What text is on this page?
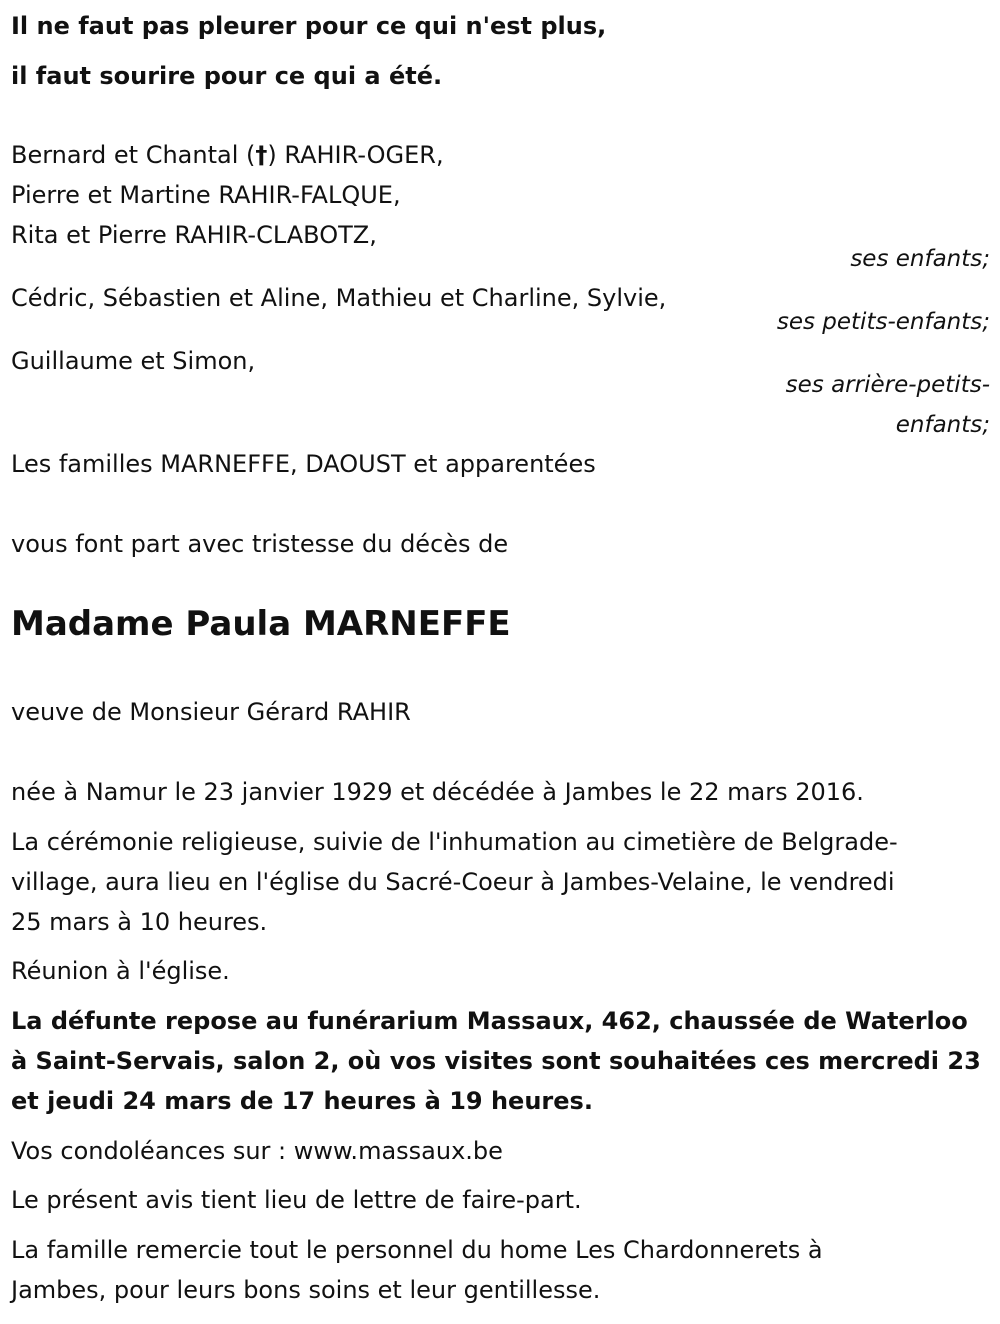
Il ne faut pas pleurer pour ce qui n'est plus,
il faut sourire pour ce qui a été.
Bernard et Chantal (†) RAHIR-OGER,
Pierre et Martine RAHIR-FALQUE,
Rita et Pierre RAHIR-CLABOTZ,
ses enfants;
Cédric, Sébastien et Aline, Mathieu et Charline, Sylvie,
ses petits-enfants;
Guillaume et Simon,
ses arrière-petits-
enfants;
Les familles MARNEFFE, DAOUST et apparentées
vous font part avec tristesse du décès de
Madame Paula MARNEFFE
veuve de Monsieur Gérard RAHIR
née à Namur le 23 janvier 1929 et décédée à Jambes le 22 mars 2016.
La cérémonie religieuse, suivie de l'inhumation au cimetière de Belgrade-
village, aura lieu en l'église du Sacré-Coeur à Jambes-Velaine, le vendredi
25 mars à 10 heures.
Réunion à l'église.
La défunte repose au funérarium Massaux, 462, chaussée de Waterloo
à Saint-Servais, salon 2, où vos visites sont souhaitées ces mercredi 23
et jeudi 24 mars de 17 heures à 19 heures.
Vos condoléances sur : www.massaux.be
Le présent avis tient lieu de lettre de faire-part.
La famille remercie tout le personnel du home Les Chardonnerets à
Jambes, pour leurs bons soins et leur gentillesse.
